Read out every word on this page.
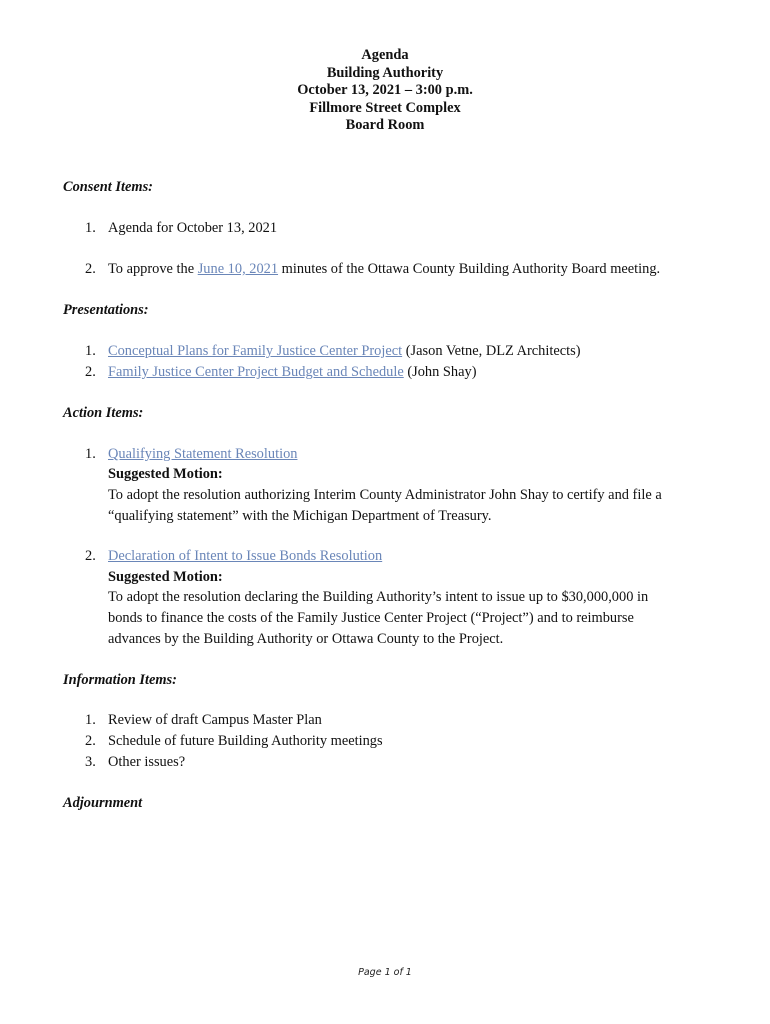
Agenda
Building Authority
October 13, 2021 – 3:00 p.m.
Fillmore Street Complex
Board Room
Consent Items:
1. Agenda for October 13, 2021
2. To approve the June 10, 2021 minutes of the Ottawa County Building Authority Board meeting.
Presentations:
1. Conceptual Plans for Family Justice Center Project (Jason Vetne, DLZ Architects)
2. Family Justice Center Project Budget and Schedule (John Shay)
Action Items:
1. Qualifying Statement Resolution
Suggested Motion:
To adopt the resolution authorizing Interim County Administrator John Shay to certify and file a
“qualifying statement” with the Michigan Department of Treasury.
2. Declaration of Intent to Issue Bonds Resolution
Suggested Motion:
To adopt the resolution declaring the Building Authority’s intent to issue up to $30,000,000 in
bonds to finance the costs of the Family Justice Center Project (“Project”) and to reimburse
advances by the Building Authority or Ottawa County to the Project.
Information Items:
1. Review of draft Campus Master Plan
2. Schedule of future Building Authority meetings
3. Other issues?
Adjournment
Page 1 of 1
